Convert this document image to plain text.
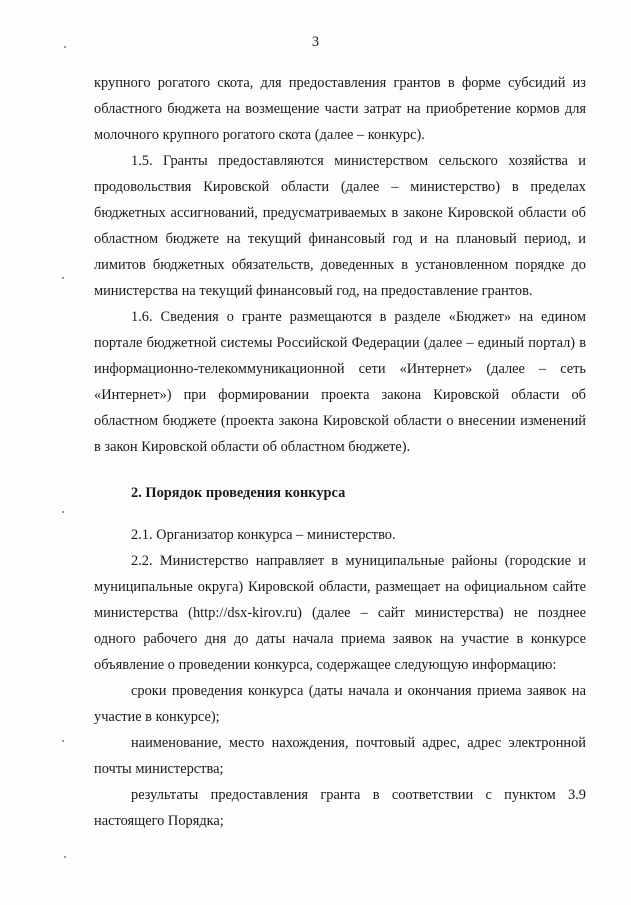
3

крупного рогатого скота, для предоставления грантов в форме субсидий из областного бюджета на возмещение части затрат на приобретение кормов для молочного крупного рогатого скота (далее – конкурс).

1.5. Гранты предоставляются министерством сельского хозяйства и продовольствия Кировской области (далее – министерство) в пределах бюджетных ассигнований, предусматриваемых в законе Кировской области об областном бюджете на текущий финансовый год и на плановый период, и лимитов бюджетных обязательств, доведенных в установленном порядке до министерства на текущий финансовый год, на предоставление грантов.

1.6. Сведения о гранте размещаются в разделе «Бюджет» на едином портале бюджетной системы Российской Федерации (далее – единый портал) в информационно-телекоммуникационной сети «Интернет» (далее – сеть «Интернет») при формировании проекта закона Кировской области об областном бюджете (проекта закона Кировской области о внесении изменений в закон Кировской области об областном бюджете).

2. Порядок проведения конкурса

2.1. Организатор конкурса – министерство.

2.2. Министерство направляет в муниципальные районы (городские и муниципальные округа) Кировской области, размещает на официальном сайте министерства (http://dsx-kirov.ru) (далее – сайт министерства) не позднее одного рабочего дня до даты начала приема заявок на участие в конкурсе объявление о проведении конкурса, содержащее следующую информацию:

сроки проведения конкурса (даты начала и окончания приема заявок на участие в конкурсе);

наименование, место нахождения, почтовый адрес, адрес электронной почты министерства;

результаты предоставления гранта в соответствии с пунктом 3.9 настоящего Порядка;
